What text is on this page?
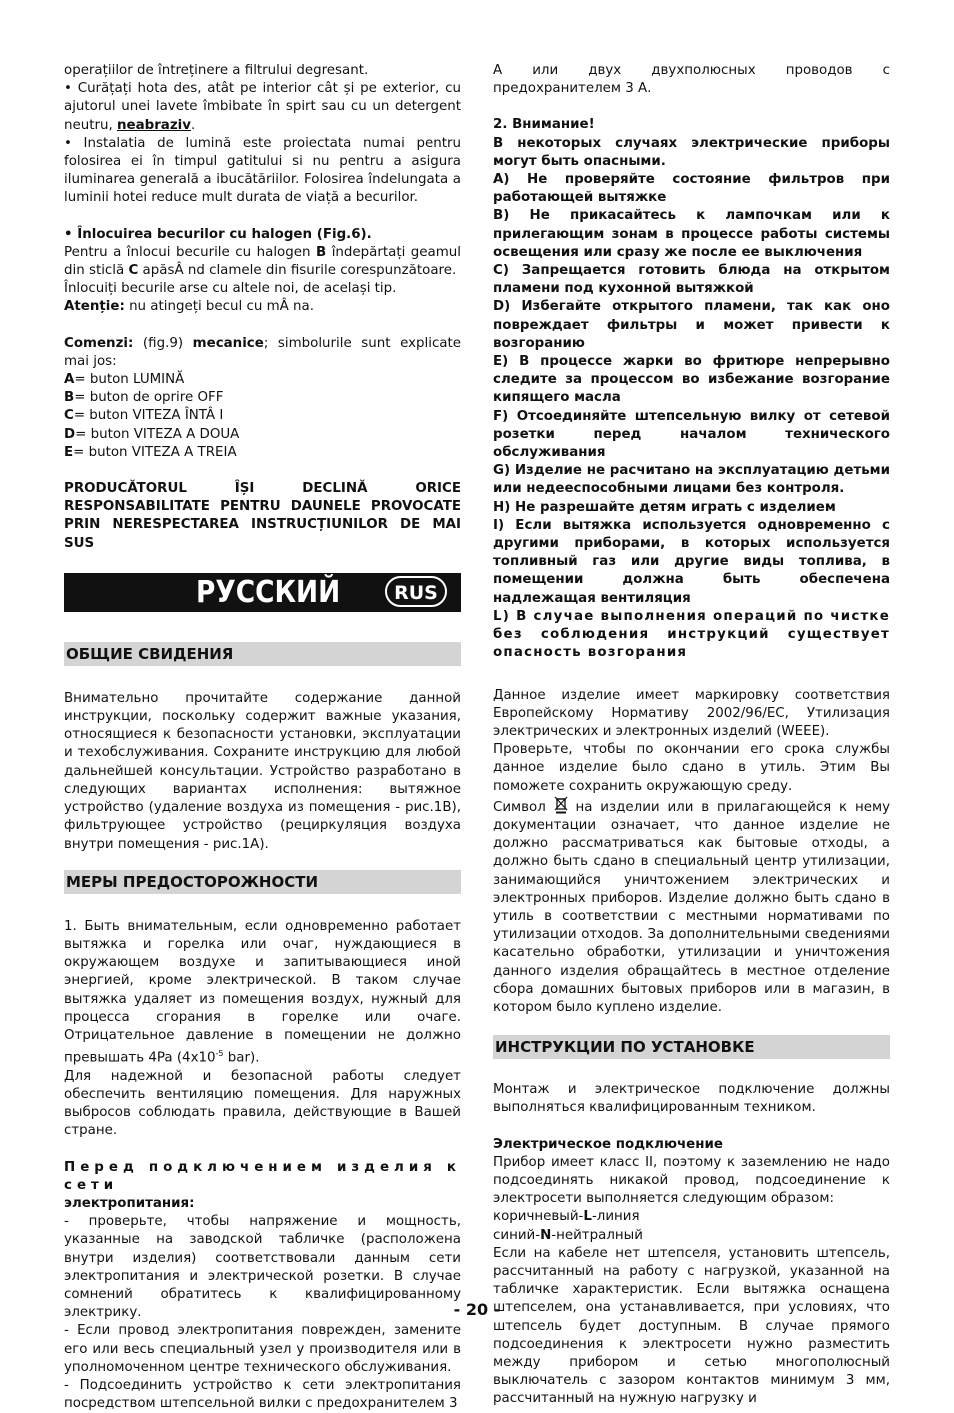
operațiilor de întreținere a filtrului degresant.

• Curățați hota des, atât pe interior cât și pe exterior, cu ajutorul unei lavete îmbibate în spirt sau cu un detergent neutru, neabraziv.

• Instalatia de lumină este proiectata numai pentru folosirea ei în timpul gatitului si nu pentru a asigura iluminarea generală a ibucătăriilor. Folosirea îndelungata a luminii hotei reduce mult durata de viață a becurilor.

• Înlocuirea becurilor cu halogen (Fig.6).

Pentru a înlocui becurile cu halogen B îndepărtați geamul din sticlă C apăsÂ nd clamele din fisurile corespunzătoare.

Înlocuiți becurile arse cu altele noi, de același tip.

Atenție: nu atingeți becul cu mÂ na.

Comenzi: (fig.9) mecanice; simbolurile sunt explicate mai jos:

A= buton LUMINĂ

B= buton de oprire OFF

C= buton VITEZA ÎNTÂ I

D= buton VITEZA A DOUA

E= buton VITEZA A TREIA

PRODUCĂTORUL ÎȘI DECLINĂ ORICE RESPONSABILITATE PENTRU DAUNELE PROVOCATE PRIN NERESPECTAREA INSTRUCȚIUNILOR DE MAI SUS

РУССКИЙ	RUS
ОБЩИЕ СВИДЕНИЯ

Внимательно прочитайте содержание данной инструкции, поскольку содержит важные указания, относящиеся к безопасности установки, эксплуатации и техобслуживания. Сохраните инструкцию для любой дальнейшей консультации. Устройство разработано в следующих вариантах исполнения: вытяжное устройство (удаление воздуха из помещения - рис.1B), фильтрующее устройство (рециркуляция воздуха внутри помещения - рис.1A).

МЕРЫ ПРЕДОСТОРОЖНОСТИ

1. Быть внимательным, если одновременно работает вытяжка и горелка или очаг, нуждающиеся в окружающем воздухе и запитывающиеся иной энергией, кроме электрической. В таком случае вытяжка удаляет из помещения воздух, нужный для процесса сгорания в горелке или очаге. Отрицательное давление в помещении не должно превышать 4Pa ($4x10^{-5}$ bar).

Для надежной и безопасной работы следует обеспечить вентиляцию помещения. Для наружных выбросов соблюдать правила, действующие в Вашей стране.

Перед подключением изделия к сети
электропитания:

- проверьте, чтобы напряжение и мощность, указанные на заводской табличке (расположена внутри изделия) соответствовали данным сети электропитания и электрической розетки. В случае сомнений обратитесь к квалифицированному электрику.

- Если провод электропитания поврежден, замените его или весь специальный узел у производителя или в уполномоченном центре технического обслуживания.

- Подсоединить устройство к сети электропитания посредством штепсельной вилки с предохранителем 3

А или двух двухполюсных проводов с предохранителем 3 А.

2. Внимание!

В некоторых случаях электрические приборы могут быть опасными.

A) Не проверяйте состояние фильтров при работающей вытяжке

B) Не прикасайтесь к лампочкам или к прилегающим зонам в процессе работы системы освещения или сразу же после ее выключения

C) Запрещается готовить блюда на открытом пламени под кухонной вытяжкой

D) Избегайте открытого пламени, так как оно повреждает фильтры и может привести к возгоранию

E) В процессе жарки во фритюре непрерывно следите за процессом во избежание возгорание кипящего масла

F) Отсоединяйте штепсельную вилку от сетевой розетки перед началом технического обслуживания

G) Изделие не расчитано на эксплуатацию детьми или недееспособными лицами без контроля.

H) Не разрешайте детям играть с изделием

I) Если вытяжка используется одновременно с другими приборами, в которых используется топливный газ или другие виды топлива, в помещении должна быть обеспечена надлежащая вентиляция

L) В случае выполнения операций по чистке без соблюдения инструкций существует опасность возгорания

Данное изделие имеет маркировку соответствия Европейскому Нормативу 2002/96/ЕС, Утилизация электрических и электронных изделий (WEEE).

Проверьте, чтобы по окончании его срока службы данное изделие было сдано в утиль. Этим Вы поможете сохранить окружающую среду.

Символ  на изделии или в прилагающейся к нему документации означает, что данное изделие не должно рассматриваться как бытовые отходы, а должно быть сдано в специальный центр утилизации, занимающийся уничтожением электрических и электронных приборов. Изделие должно быть сдано в утиль в соответствии с местными нормативами по утилизации отходов. За дополнительными сведениями касательно обработки, утилизации и уничтожения данного изделия обращайтесь в местное отделение сбора домашних бытовых приборов или в магазин, в котором было куплено изделие.

ИНСТРУКЦИИ ПО УСТАНОВКЕ

Монтаж и электрическое подключение должны выполняться квалифицированным техником.

Электрическое подключение

Прибор имеет класс II, поэтому к заземлению не надо подсоединять никакой провод, подсоединение к электросети выполняется следующим образом:

коричневый-L-линия

синий-N-нейтралный

Если на кабеле нет штепселя, установить штепсель, рассчитанный на работу с нагрузкой, указанной на табличке характеристик. Если вытяжка оснащена штепселем, она устанавливается, при условиях, что штепсель будет доступным. В случае прямого подсоединения к электросети нужно разместить между прибором и сетью многополюсный выключатель с зазором контактов минимум 3 мм, рассчитанный на нужную нагрузку и

- 20 -
